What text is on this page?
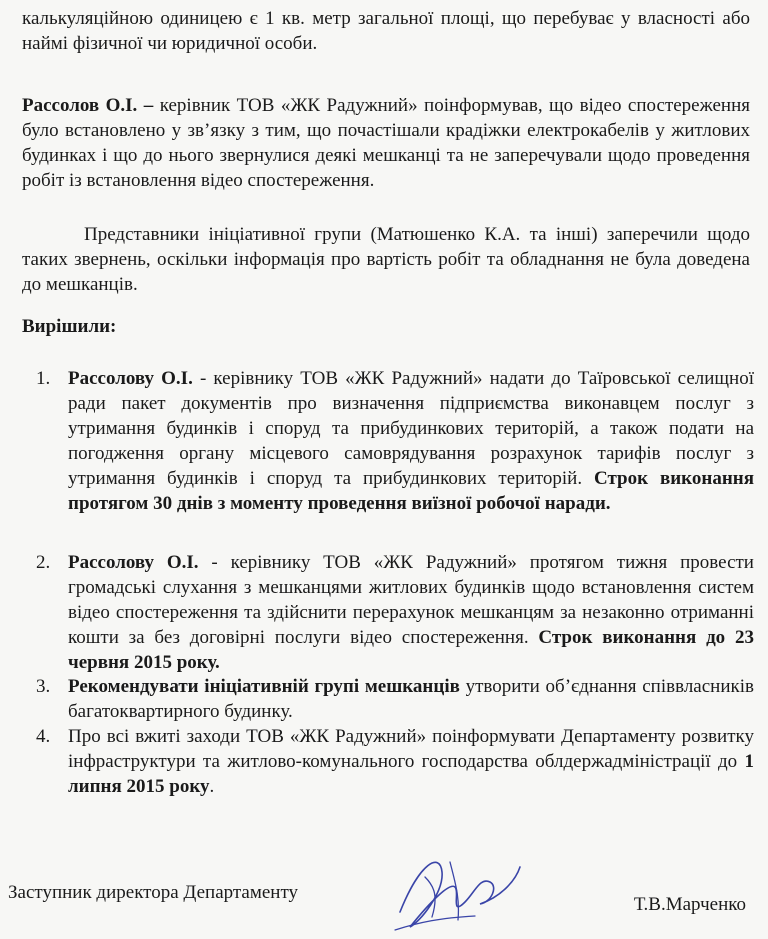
калькуляційною одиницею є 1 кв. метр загальної площі, що перебуває у власності або наймі фізичної чи юридичної особи.

Рассолов О.І. – керівник ТОВ «ЖК Радужний» поінформував, що відео спостереження було встановлено у зв’язку з тим, що почастішали крадіжки електрокабелів у житлових будинках і що до нього звернулися деякі мешканці та не заперечували щодо проведення робіт із встановлення відео спостереження.

Представники ініціативної групи (Матюшенко К.А. та інші) заперечили щодо таких звернень, оскільки інформація про вартість робіт та обладнання не була доведена до мешканців.

Вирішили:
1. Рассолову О.І. - керівнику ТОВ «ЖК Радужний» надати до Таїровської селищної ради пакет документів про визначення підприємства виконавцем послуг з утримання будинків і споруд та прибудинкових територій, а також подати на погодження органу місцевого самоврядування розрахунок тарифів послуг з утримання будинків і споруд та прибудинкових територій. Строк виконання протягом 30 днів з моменту проведення виїзної робочої наради.
2. Рассолову О.І. - керівнику ТОВ «ЖК Радужний» протягом тижня провести громадські слухання з мешканцями житлових будинків щодо встановлення систем відео спостереження та здійснити перерахунок мешканцям за незаконно отриманні кошти за без договірні послуги відео спостереження. Строк виконання до 23 червня 2015 року.
3. Рекомендувати ініціативній групі мешканців утворити об’єднання співвласників багатоквартирного будинку.
4. Про всі вжиті заходи ТОВ «ЖК Радужний» поінформувати Департаменту розвитку інфраструктури та житлово-комунального господарства облдержадміністрації до 1 липня 2015 року.
Заступник директора Департаменту
Т.В.Марченко
